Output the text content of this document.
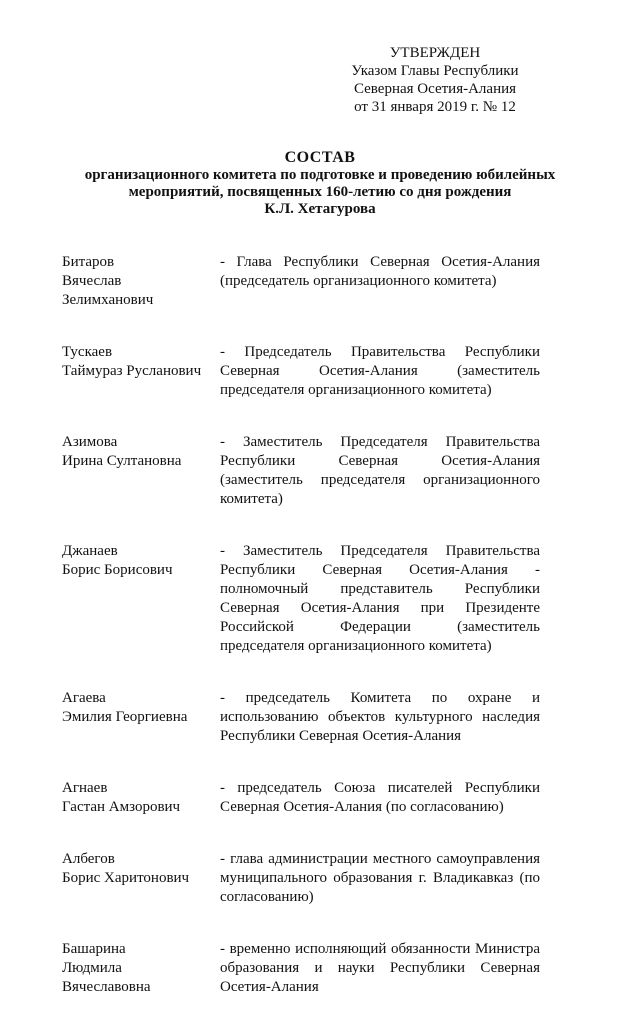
УТВЕРЖДЕН
Указом Главы Республики
Северная Осетия-Алания
от 31 января 2019 г. № 12
СОСТАВ
организационного комитета по подготовке и проведению юбилейных
мероприятий, посвященных 160-летию со дня рождения
К.Л. Хетагурова
Битаров
Вячеслав
Зелимханович
- Глава Республики Северная Осетия-Алания (председатель организационного комитета)
Тускаев
Таймураз Русланович
- Председатель Правительства Республики Северная Осетия-Алания (заместитель председателя организационного комитета)
Азимова
Ирина Султановна
- Заместитель Председателя Правительства Республики Северная Осетия-Алания (заместитель председателя организационного комитета)
Джанаев
Борис Борисович
- Заместитель Председателя Правительства Республики Северная Осетия-Алания - полномочный представитель Республики Северная Осетия-Алания при Президенте Российской Федерации (заместитель председателя организационного комитета)
Агаева
Эмилия Георгиевна
- председатель Комитета по охране и использованию объектов культурного наследия Республики Северная Осетия-Алания
Агнаев
Гастан Амзорович
- председатель Союза писателей Республики Северная Осетия-Алания (по согласованию)
Албегов
Борис Харитонович
- глава администрации местного самоуправления муниципального образования г. Владикавказ (по согласованию)
Башарина
Людмила
Вячеславовна
- временно исполняющий обязанности Министра образования и науки Республики Северная Осетия-Алания
